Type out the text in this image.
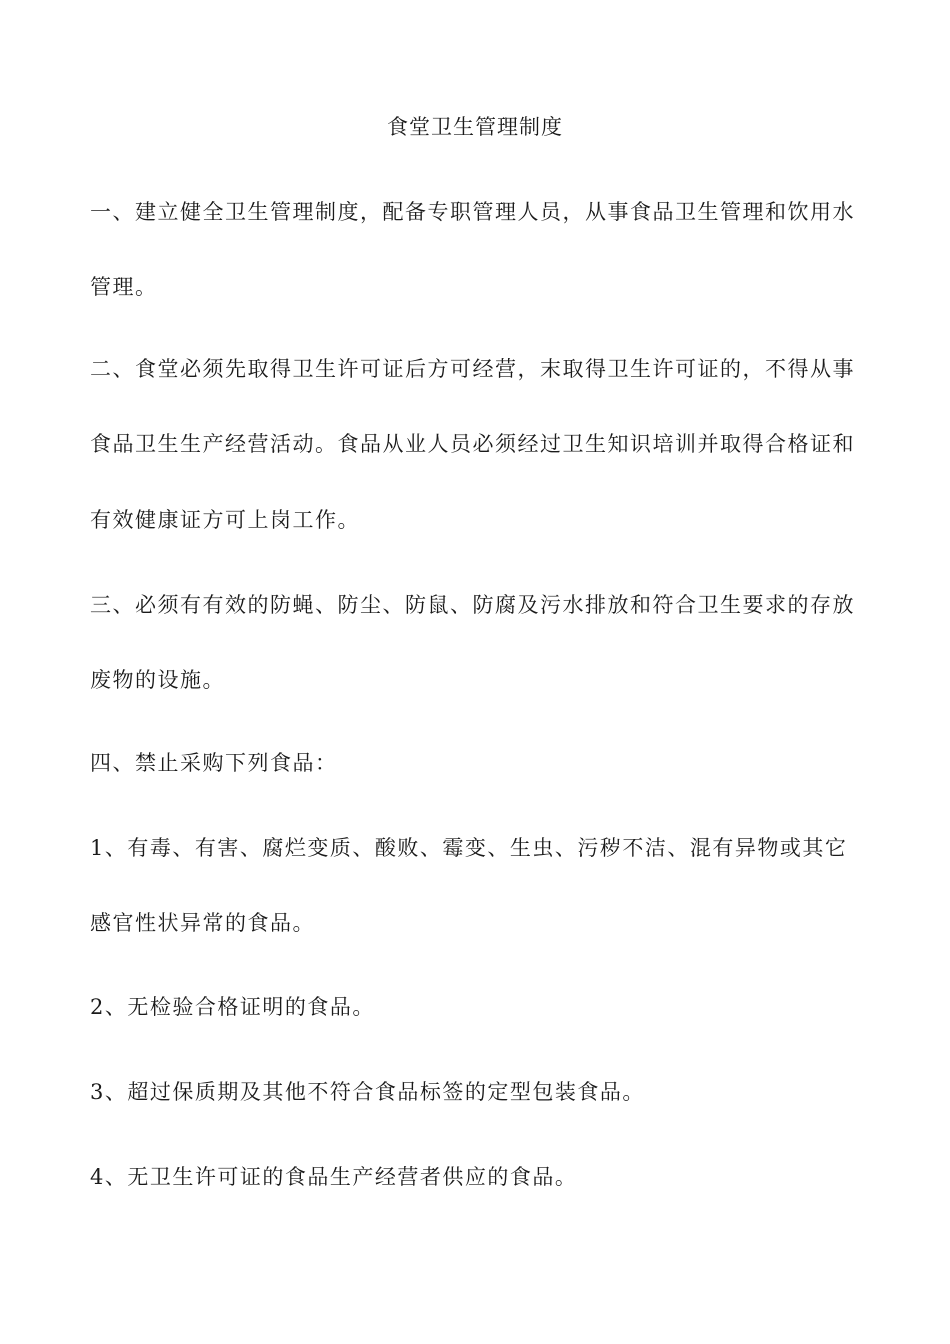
食堂卫生管理制度
一、建立健全卫生管理制度，配备专职管理人员，从事食品卫生管理和饮用水
管理。
二、食堂必须先取得卫生许可证后方可经营，末取得卫生许可证的，不得从事
食品卫生生产经营活动。食品从业人员必须经过卫生知识培训并取得合格证和
有效健康证方可上岗工作。
三、必须有有效的防蝇、防尘、防鼠、防腐及污水排放和符合卫生要求的存放
废物的设施。
四、禁止采购下列食品：
1、有毒、有害、腐烂变质、酸败、霉变、生虫、污秽不洁、混有异物或其它
感官性状异常的食品。
2、无检验合格证明的食品。
3、超过保质期及其他不符合食品标签的定型包装食品。
4、无卫生许可证的食品生产经营者供应的食品。
